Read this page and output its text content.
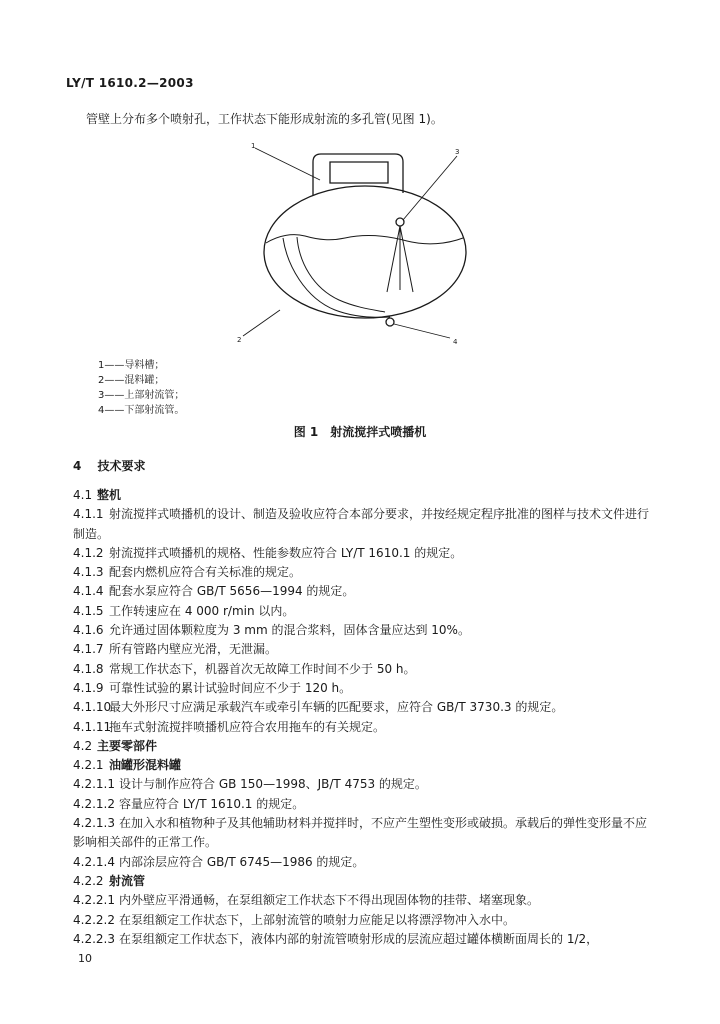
LY/T 1610.2—2003
管壁上分布多个喷射孔，工作状态下能形成射流的多孔管(见图 1)。
1
2
3
4
1——导料槽；
2——混料罐；
3——上部射流管；
4——下部射流管。
图 1　射流搅拌式喷播机
4　 技术要求
4.1 整机
4.1.1 射流搅拌式喷播机的设计、制造及验收应符合本部分要求，并按经规定程序批准的图样与技术文件进行制造。
4.1.2 射流搅拌式喷播机的规格、性能参数应符合 LY/T 1610.1 的规定。
4.1.3 配套内燃机应符合有关标准的规定。
4.1.4 配套水泵应符合 GB/T 5656—1994 的规定。
4.1.5 工作转速应在 4 000 r/min 以内。
4.1.6 允许通过固体颗粒度为 3 mm 的混合浆料，固体含量应达到 10%。
4.1.7 所有管路内壁应光滑，无泄漏。
4.1.8 常规工作状态下，机器首次无故障工作时间不少于 50 h。
4.1.9 可靠性试验的累计试验时间应不少于 120 h。
4.1.10最大外形尺寸应满足承载汽车或牵引车辆的匹配要求，应符合 GB/T 3730.3 的规定。
4.1.11拖车式射流搅拌喷播机应符合农用拖车的有关规定。
4.2 主要零部件
4.2.1 油罐形混料罐
4.2.1.1 设计与制作应符合 GB 150—1998、JB/T 4753 的规定。
4.2.1.2 容量应符合 LY/T 1610.1 的规定。
4.2.1.3 在加入水和植物种子及其他辅助材料并搅拌时，不应产生塑性变形或破损。承载后的弹性变形量不应影响相关部件的正常工作。
4.2.1.4 内部涂层应符合 GB/T 6745—1986 的规定。
4.2.2 射流管
4.2.2.1 内外壁应平滑通畅，在泵组额定工作状态下不得出现固体物的挂带、堵塞现象。
4.2.2.2 在泵组额定工作状态下，上部射流管的喷射力应能足以将漂浮物冲入水中。
4.2.2.3 在泵组额定工作状态下，液体内部的射流管喷射形成的层流应超过罐体横断面周长的 1/2，
10
